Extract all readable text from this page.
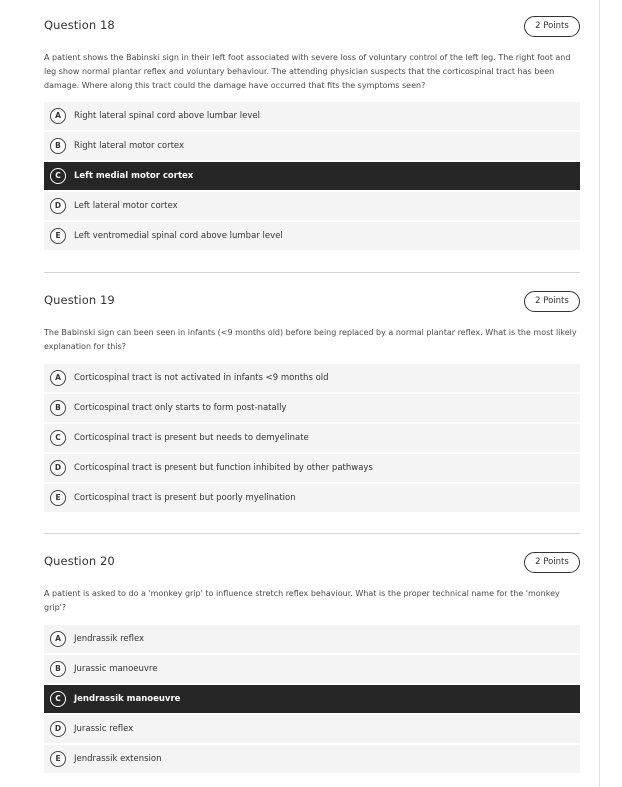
Question 18	2 Points
A patient shows the Babinski sign in their left foot associated with severe loss of voluntary control of the left leg. The right foot and leg show normal plantar reflex and voluntary behaviour. The attending physician suspects that the corticospinal tract has been damage. Where along this tract could the damage have occurred that fits the symptoms seen?
A	Right lateral spinal cord above lumbar level
B	Right lateral motor cortex
C	Left medial motor cortex
D	Left lateral motor cortex
E	Left ventromedial spinal cord above lumbar level
Question 19	2 Points
The Babinski sign can been seen in infants (<9 months old) before being replaced by a normal plantar reflex. What is the most likely explanation for this?
A	Corticospinal tract is not activated in infants <9 months old
B	Corticospinal tract only starts to form post-natally
C	Corticospinal tract is present but needs to demyelinate
D	Corticospinal tract is present but function inhibited by other pathways
E	Corticospinal tract is present but poorly myelination
Question 20	2 Points
A patient is asked to do a 'monkey grip' to influence stretch reflex behaviour. What is the proper technical name for the 'monkey grip'?
A	Jendrassik reflex
B	Jurassic manoeuvre
C	Jendrassik manoeuvre
D	Jurassic reflex
E	Jendrassik extension
